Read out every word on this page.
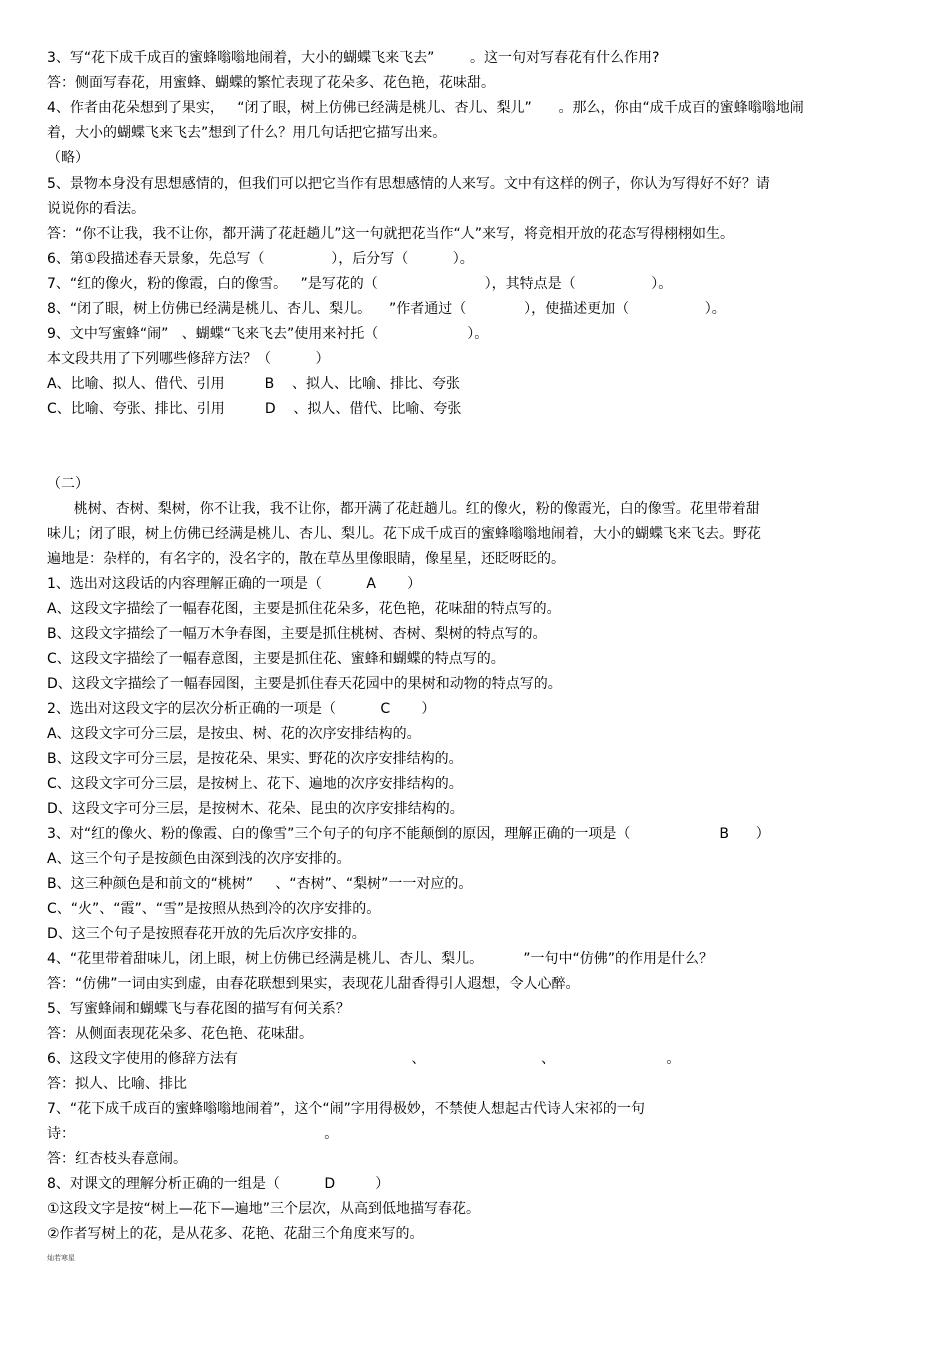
3、写“花下成千成百的蜜蜂嗡嗡地闹着，大小的蝴蝶飞来飞去”        。这一句对写春花有什么作用?
答：侧面写春花，用蜜蜂、蝴蝶的繁忙表现了花朵多、花色艳，花味甜。
4、作者由花朵想到了果实，   “闭了眼，树上仿佛已经满是桃儿、杏儿、梨儿”      。那么，你由“成千成百的蜜蜂嗡嗡地闹
着，大小的蝴蝶飞来飞去”想到了什么？用几句话把它描写出来。
（略）
5、景物本身没有思想感情的，但我们可以把它当作有思想感情的人来写。文中有这样的例子，你认为写得好不好？请
说说你的看法。
答：“你不让我，我不让你，都开满了花赶趟儿”这一句就把花当作“人”来写，将竞相开放的花态写得栩栩如生。
6、第①段描述春天景象，先总写（               ），后分写（          ）。
7、“红的像火，粉的像霞，白的像雪。   ”是写花的（                        ），其特点是（                 ）。
8、“闭了眼，树上仿佛已经满是桃儿、杏儿、梨儿。    ”作者通过（             ），使描述更加（                 ）。
9、文中写蜜蜂“闹”   、蝴蝶“飞来飞去”使用来衬托（                    ）。
本文段共用了下列哪些修辞方法？（          ）
A、比喻、拟人、借代、引用         B    、拟人、比喻、排比、夸张
C、比喻、夸张、排比、引用         D    、拟人、借代、比喻、夸张
（二）
桃树、杏树、梨树，你不让我，我不让你，都开满了花赶趟儿。红的像火，粉的像霞光，白的像雪。花里带着甜
味儿；闭了眼，树上仿佛已经满是桃儿、杏儿、梨儿。花下成千成百的蜜蜂嗡嗡地闹着，大小的蝴蝶飞来飞去。野花
遍地是：杂样的，有名字的，没名字的，散在草丛里像眼睛，像星星，还眨呀眨的。
1、选出对这段话的内容理解正确的一项是（          A       ）
A、这段文字描绘了一幅春花图，主要是抓住花朵多，花色艳，花味甜的特点写的。
B、这段文字描绘了一幅万木争春图，主要是抓住桃树、杏树、梨树的特点写的。
C、这段文字描绘了一幅春意图，主要是抓住花、蜜蜂和蝴蝶的特点写的。
D、这段文字描绘了一幅春园图，主要是抓住春天花园中的果树和动物的特点写的。
2、选出对这段文字的层次分析正确的一项是（          C       ）
A、这段文字可分三层，是按虫、树、花的次序安排结构的。
B、这段文字可分三层，是按花朵、果实、野花的次序安排结构的。
C、这段文字可分三层，是按树上、花下、遍地的次序安排结构的。
D、这段文字可分三层，是按树木、花朵、昆虫的次序安排结构的。
3、对“红的像火、粉的像霞、白的像雪”三个句子的句序不能颠倒的原因，理解正确的一项是（                    B      ）
A、这三个句子是按颜色由深到浅的次序安排的。
B、这三种颜色是和前文的“桃树”     、“杏树”、“梨树”一一对应的。
C、“火”、“霞”、“雪”是按照从热到冷的次序安排的。
D、这三个句子是按照春花开放的先后次序安排的。
4、“花里带着甜味儿，闭上眼，树上仿佛已经满是桃儿、杏儿、梨儿。         ”一句中“仿佛”的作用是什么？
答：“仿佛”一词由实到虚，由春花联想到果实，表现花儿甜香得引人遐想，令人心醉。
5、写蜜蜂闹和蝴蝶飞与春花图的描写有何关系？
答：从侧面表现花朵多、花色艳、花味甜。
6、这段文字使用的修辞方法有                                       、                          、                         。
答：拟人、比喻、排比
7、“花下成千成百的蜜蜂嗡嗡地闹着”，这个“闹”字用得极妙，不禁使人想起古代诗人宋祁的一句
诗：                                                        。
答：红杏枝头春意闹。
8、对课文的理解分析正确的一组是（          D         ）
①这段文字是按“树上—花下—遍地”三个层次，从高到低地描写春花。
②作者写树上的花，是从花多、花艳、花甜三个角度来写的。
灿若寒星
